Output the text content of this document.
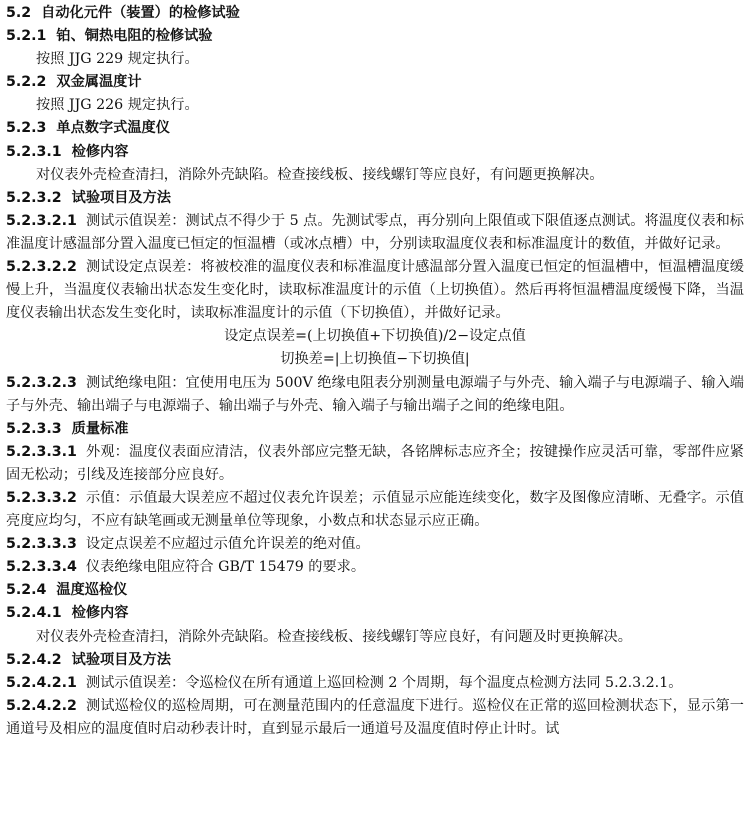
5.2 自动化元件（装置）的检修试验
5.2.1 铂、铜热电阻的检修试验
按照 JJG 229 规定执行。
5.2.2 双金属温度计
按照 JJG 226 规定执行。
5.2.3 单点数字式温度仪
5.2.3.1 检修内容
对仪表外壳检查清扫，消除外壳缺陷。检查接线板、接线螺钉等应良好，有问题更换解决。
5.2.3.2 试验项目及方法
5.2.3.2.1 测试示值误差：测试点不得少于 5 点。先测试零点，再分别向上限值或下限值逐点测试。将温度仪表和标准温度计感温部分置入温度已恒定的恒温槽（或冰点槽）中，分别读取温度仪表和标准温度计的数值，并做好记录。
5.2.3.2.2 测试设定点误差：将被校准的温度仪表和标准温度计感温部分置入温度已恒定的恒温槽中，恒温槽温度缓慢上升，当温度仪表输出状态发生变化时，读取标准温度计的示值（上切换值）。然后再将恒温槽温度缓慢下降，当温度仪表输出状态发生变化时，读取标准温度计的示值（下切换值），并做好记录。
设定点误差=(上切换值+下切换值)/2−设定点值
切换差=|上切换值−下切换值|
5.2.3.2.3 测试绝缘电阻：宜使用电压为 500V 绝缘电阻表分别测量电源端子与外壳、输入端子与电源端子、输入端子与外壳、输出端子与电源端子、输出端子与外壳、输入端子与输出端子之间的绝缘电阻。
5.2.3.3 质量标准
5.2.3.3.1 外观：温度仪表面应清洁，仪表外部应完整无缺，各铭牌标志应齐全；按键操作应灵活可靠，零部件应紧固无松动；引线及连接部分应良好。
5.2.3.3.2 示值：示值最大误差应不超过仪表允许误差；示值显示应能连续变化，数字及图像应清晰、无叠字。示值亮度应均匀，不应有缺笔画或无测量单位等现象，小数点和状态显示应正确。
5.2.3.3.3 设定点误差不应超过示值允许误差的绝对值。
5.2.3.3.4 仪表绝缘电阻应符合 GB/T 15479 的要求。
5.2.4 温度巡检仪
5.2.4.1 检修内容
对仪表外壳检查清扫，消除外壳缺陷。检查接线板、接线螺钉等应良好，有问题及时更换解决。
5.2.4.2 试验项目及方法
5.2.4.2.1 测试示值误差：令巡检仪在所有通道上巡回检测 2 个周期，每个温度点检测方法同 5.2.3.2.1。
5.2.4.2.2 测试巡检仪的巡检周期，可在测量范围内的任意温度下进行。巡检仪在正常的巡回检测状态下，显示第一通道号及相应的温度值时启动秒表计时，直到显示最后一通道号及温度值时停止计时。试
